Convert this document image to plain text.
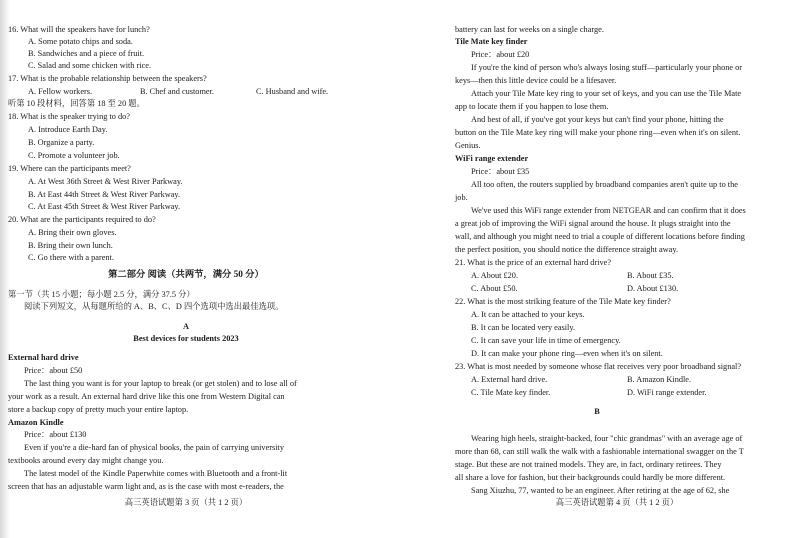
16. What will the speakers have for lunch?
A. Some potato chips and soda.
B. Sandwiches and a piece of fruit.
C. Salad and some chicken with rice.
17. What is the probable relationship between the speakers?
A. Fellow workers.	B. Chef and customer.	C. Husband and wife.
听第 10 段材料，回答第 18 至 20 题。
18. What is the speaker trying to do?
A. Introduce Earth Day.
B. Organize a party.
C. Promote a volunteer job.
19. Where can the participants meet?
A. At West 36th Street & West River Parkway.
B. At East 44th Street & West River Parkway.
C. At East 45th Street & West River Parkway.
20. What are the participants required to do?
A. Bring their own gloves.
B. Bring their own lunch.
C. Go there with a parent.
第二部分 阅读（共两节，满分 50 分）
第一节（共 15 小题；每小题 2.5 分，满分 37.5 分）
阅读下列短文，从每题所给的 A、B、C、D 四个选项中选出最佳选项。
A
Best devices for students 2023
External hard drive
Price：about £50
The last thing you want is for your laptop to break (or get stolen) and to lose all of
your work as a result. An external hard drive like this one from Western Digital can
store a backup copy of pretty much your entire laptop.
Amazon Kindle
Price：about £130
Even if you're a die-hard fan of physical books, the pain of carrying university
textbooks around every day might change you.
The latest model of the Kindle Paperwhite comes with Bluetooth and a front-lit
screen that has an adjustable warm light and, as is the case with most e-readers, the
高三英语试题第 3 页（共 1 2 页）
battery can last for weeks on a single charge.
Tile Mate key finder
Price：about £20
If you're the kind of person who's always losing stuff—particularly your phone or
keys—then this little device could be a lifesaver.
Attach your Tile Mate key ring to your set of keys, and you can use the Tile Mate
app to locate them if you happen to lose them.
And best of all, if you've got your keys but can't find your phone, hitting the
button on the Tile Mate key ring will make your phone ring—even when it's on silent.
Genius.
WiFi range extender
Price：about £35
All too often, the routers supplied by broadband companies aren't quite up to the
job.
We've used this WiFi range extender from NETGEAR and can confirm that it does
a great job of improving the WiFi signal around the house. It plugs straight into the
wall, and although you might need to trial a couple of different locations before finding
the perfect position, you should notice the difference straight away.
21. What is the price of an external hard drive?
A. About £20.	B. About £35.
C. About £50.	D. About £130.
22. What is the most striking feature of the Tile Mate key finder?
A. It can be attached to your keys.
B. It can be located very easily.
C. It can save your life in time of emergency.
D. It can make your phone ring—even when it's on silent.
23. What is most needed by someone whose flat receives very poor broadband signal?
A. External hard drive.	B. Amazon Kindle.
C. Tile Mate key finder.	D. WiFi range extender.
B
Wearing high heels, straight-backed, four "chic grandmas" with an average age of
more than 68, can still walk the walk with a fashionable international swagger on the T
stage. But these are not trained models. They are, in fact, ordinary retirees. They
all share a love for fashion, but their backgrounds could hardly be more different.
Sang Xiuzhu, 77, wanted to be an engineer. After retiring at the age of 62, she
高三英语试题第 4 页（共 1 2 页）
